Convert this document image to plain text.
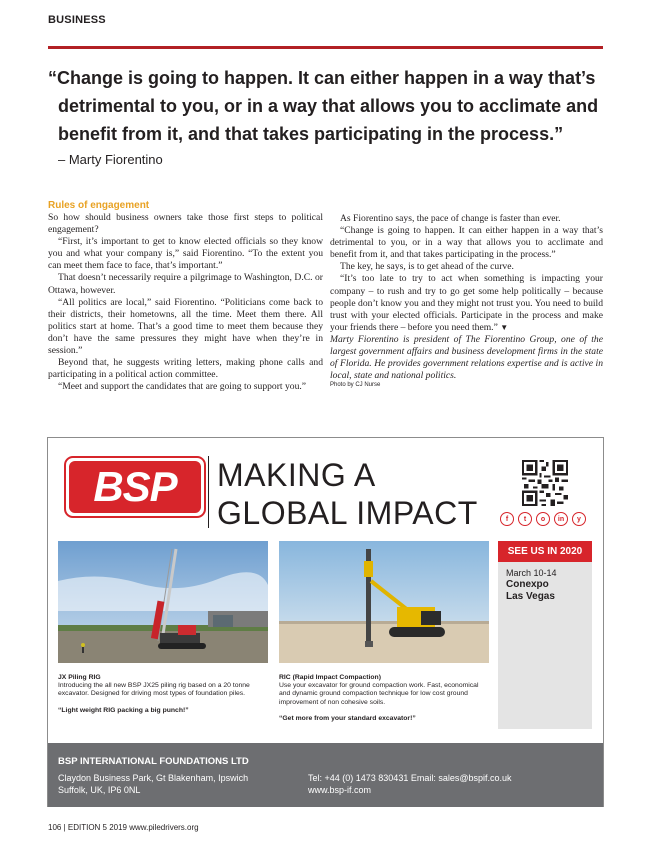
BUSINESS
“Change is going to happen. It can either happen in a way that’s
detrimental to you, or in a way that allows you to acclimate and
benefit from it, and that takes participating in the process.”
– Marty Fiorentino
Rules of engagement

So how should business owners take those first steps to political engagement?

“First, it’s important to get to know elected officials so they know you and what your company is,” said Fiorentino. “To the extent you can meet them face to face, that’s important.”

That doesn’t necessarily require a pilgrimage to Washington, D.C. or Ottawa, however.

“All politics are local,” said Fiorentino. “Politicians come back to their districts, their hometowns, all the time. Meet them there. All politics start at home. That’s a good time to meet them because they don’t have the same pressures they might have when they’re in session.”

Beyond that, he suggests writing letters, making phone calls and participating in a political action committee.

“Meet and support the candidates that are going to support you.”

As Fiorentino says, the pace of change is faster than ever.

“Change is going to happen. It can either happen in a way that’s detrimental to you, or in a way that allows you to acclimate and benefit from it, and that takes participating in the process.”

The key, he says, is to get ahead of the curve.

“It’s too late to try to act when something is impacting your company – to rush and try to go get some help politically – because people don’t know you and they might not trust you. You need to build trust with your elected officials. Participate in the process and make your friends there – before you need them.” ▼

Marty Fiorentino is president of The Fiorentino Group, one of the largest government affairs and business development firms in the state of Florida. He provides government relations expertise and is active in local, state and national politics.

Photo by CJ Nurse

BSP	MAKING A
GLOBAL IMPACT	f	t	o	in	y
JX Piling RIG
Introducing the all new BSP JX25 piling rig based on a 20 tonne excavator. Designed for driving most types of foundation piles.
“Light weight RIG packing a big punch!”
RIC (Rapid Impact Compaction)
Use your excavator for ground compaction work. Fast, economical and dynamic ground compaction technique for low cost ground improvement of non cohesive soils.
“Get more from your standard excavator!”
SEE US IN 2020
March 10-14
Conexpo
Las Vegas
BSP INTERNATIONAL FOUNDATIONS LTD
Claydon Business Park, Gt Blakenham, Ipswich
Suffolk, UK, IP6 0NL
Tel: +44 (0) 1473 830431 Email: sales@bspif.co.uk
www.bsp-if.com
106 | EDITION 5 2019 www.piledrivers.org
